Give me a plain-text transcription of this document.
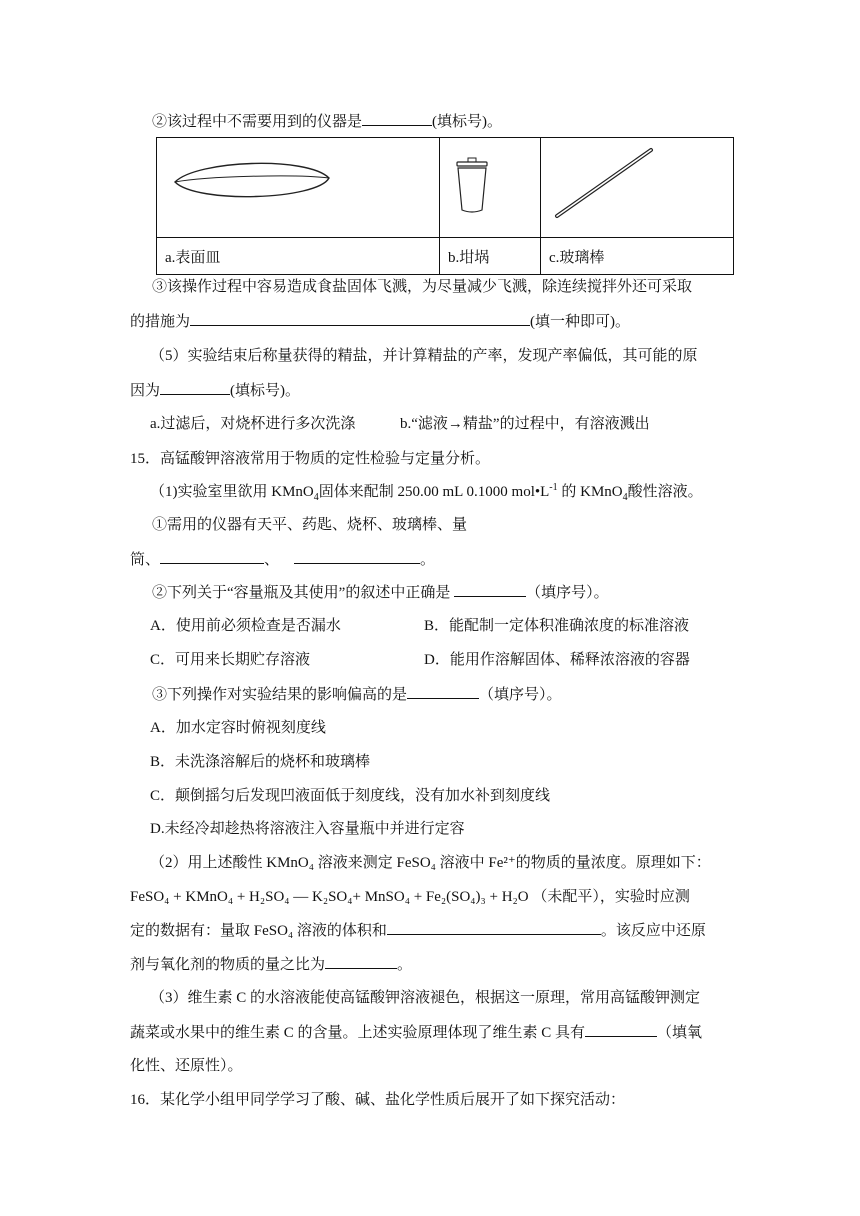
②该过程中不需要用到的仪器是	(填标号)。

a.表面皿	b.坩埚	c.玻璃棒
③该操作过程中容易造成食盐固体飞溅，为尽量减少飞溅，除连续搅拌外还可采取
的措施为	(填一种即可)。
（5）实验结束后称量获得的精盐，并计算精盐的产率，发现产率偏低，其可能的原
因为	(填标号)。
a.过滤后，对烧杯进行多次洗涤	b.“滤液→精盐”的过程中，有溶液溅出
15．高锰酸钾溶液常用于物质的定性检验与定量分析。
（1)实验室里欲用 KMnO$_4$固体来配制 250.00 mL 0.1000 $mol•L^{-1}$ 的 KMnO$_4$酸性溶液。
①需用的仪器有天平、药匙、烧杯、玻璃棒、量
筒、	、	。
②下列关于“容量瓶及其使用”的叙述中正确是	（填序号）。
A．使用前必须检查是否漏水	B．能配制一定体积准确浓度的标准溶液
C．可用来长期贮存溶液	D．能用作溶解固体、稀释浓溶液的容器
③下列操作对实验结果的影响偏高的是	（填序号）。
A．加水定容时俯视刻度线
B．未洗涤溶解后的烧杯和玻璃棒
C．颠倒摇匀后发现凹液面低于刻度线，没有加水补到刻度线
D.未经冷却趁热将溶液注入容量瓶中并进行定容
（2）用上述酸性 KMnO₄ 溶液来测定 FeSO₄ 溶液中 Fe²⁺的物质的量浓度。原理如下：
FeSO₄ + KMnO₄ + H₂SO₄ — K₂SO₄+ MnSO₄ + Fe₂(SO₄)₃ + H₂O （未配平），实验时应测
定的数据有：量取 FeSO₄ 溶液的体积和	。该反应中还原
剂与氧化剂的物质的量之比为	。
（3）维生素 C 的水溶液能使高锰酸钾溶液褪色，根据这一原理，常用高锰酸钾测定
蔬菜或水果中的维生素 C 的含量。上述实验原理体现了维生素 C 具有	（填氧
化性、还原性）。
16．某化学小组甲同学学习了酸、碱、盐化学性质后展开了如下探究活动：
